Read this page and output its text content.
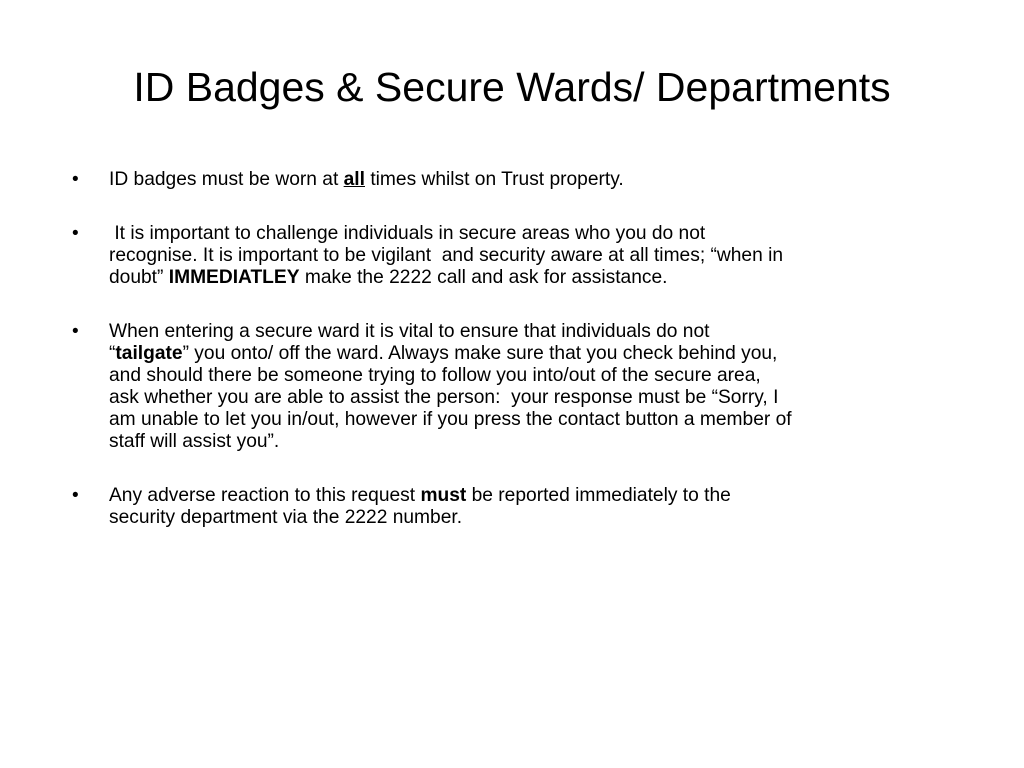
ID Badges & Secure Wards/ Departments
•	ID badges must be worn at all times whilst on Trust property.
•	It is important to challenge individuals in secure areas who you do not
recognise. It is important to be vigilant  and security aware at all times; “when in
doubt” IMMEDIATLEY make the 2222 call and ask for assistance.
•	When entering a secure ward it is vital to ensure that individuals do not
“tailgate” you onto/ off the ward. Always make sure that you check behind you,
and should there be someone trying to follow you into/out of the secure area,
ask whether you are able to assist the person:  your response must be “Sorry, I
am unable to let you in/out, however if you press the contact button a member of
staff will assist you”.
•	Any adverse reaction to this request must be reported immediately to the
security department via the 2222 number.
